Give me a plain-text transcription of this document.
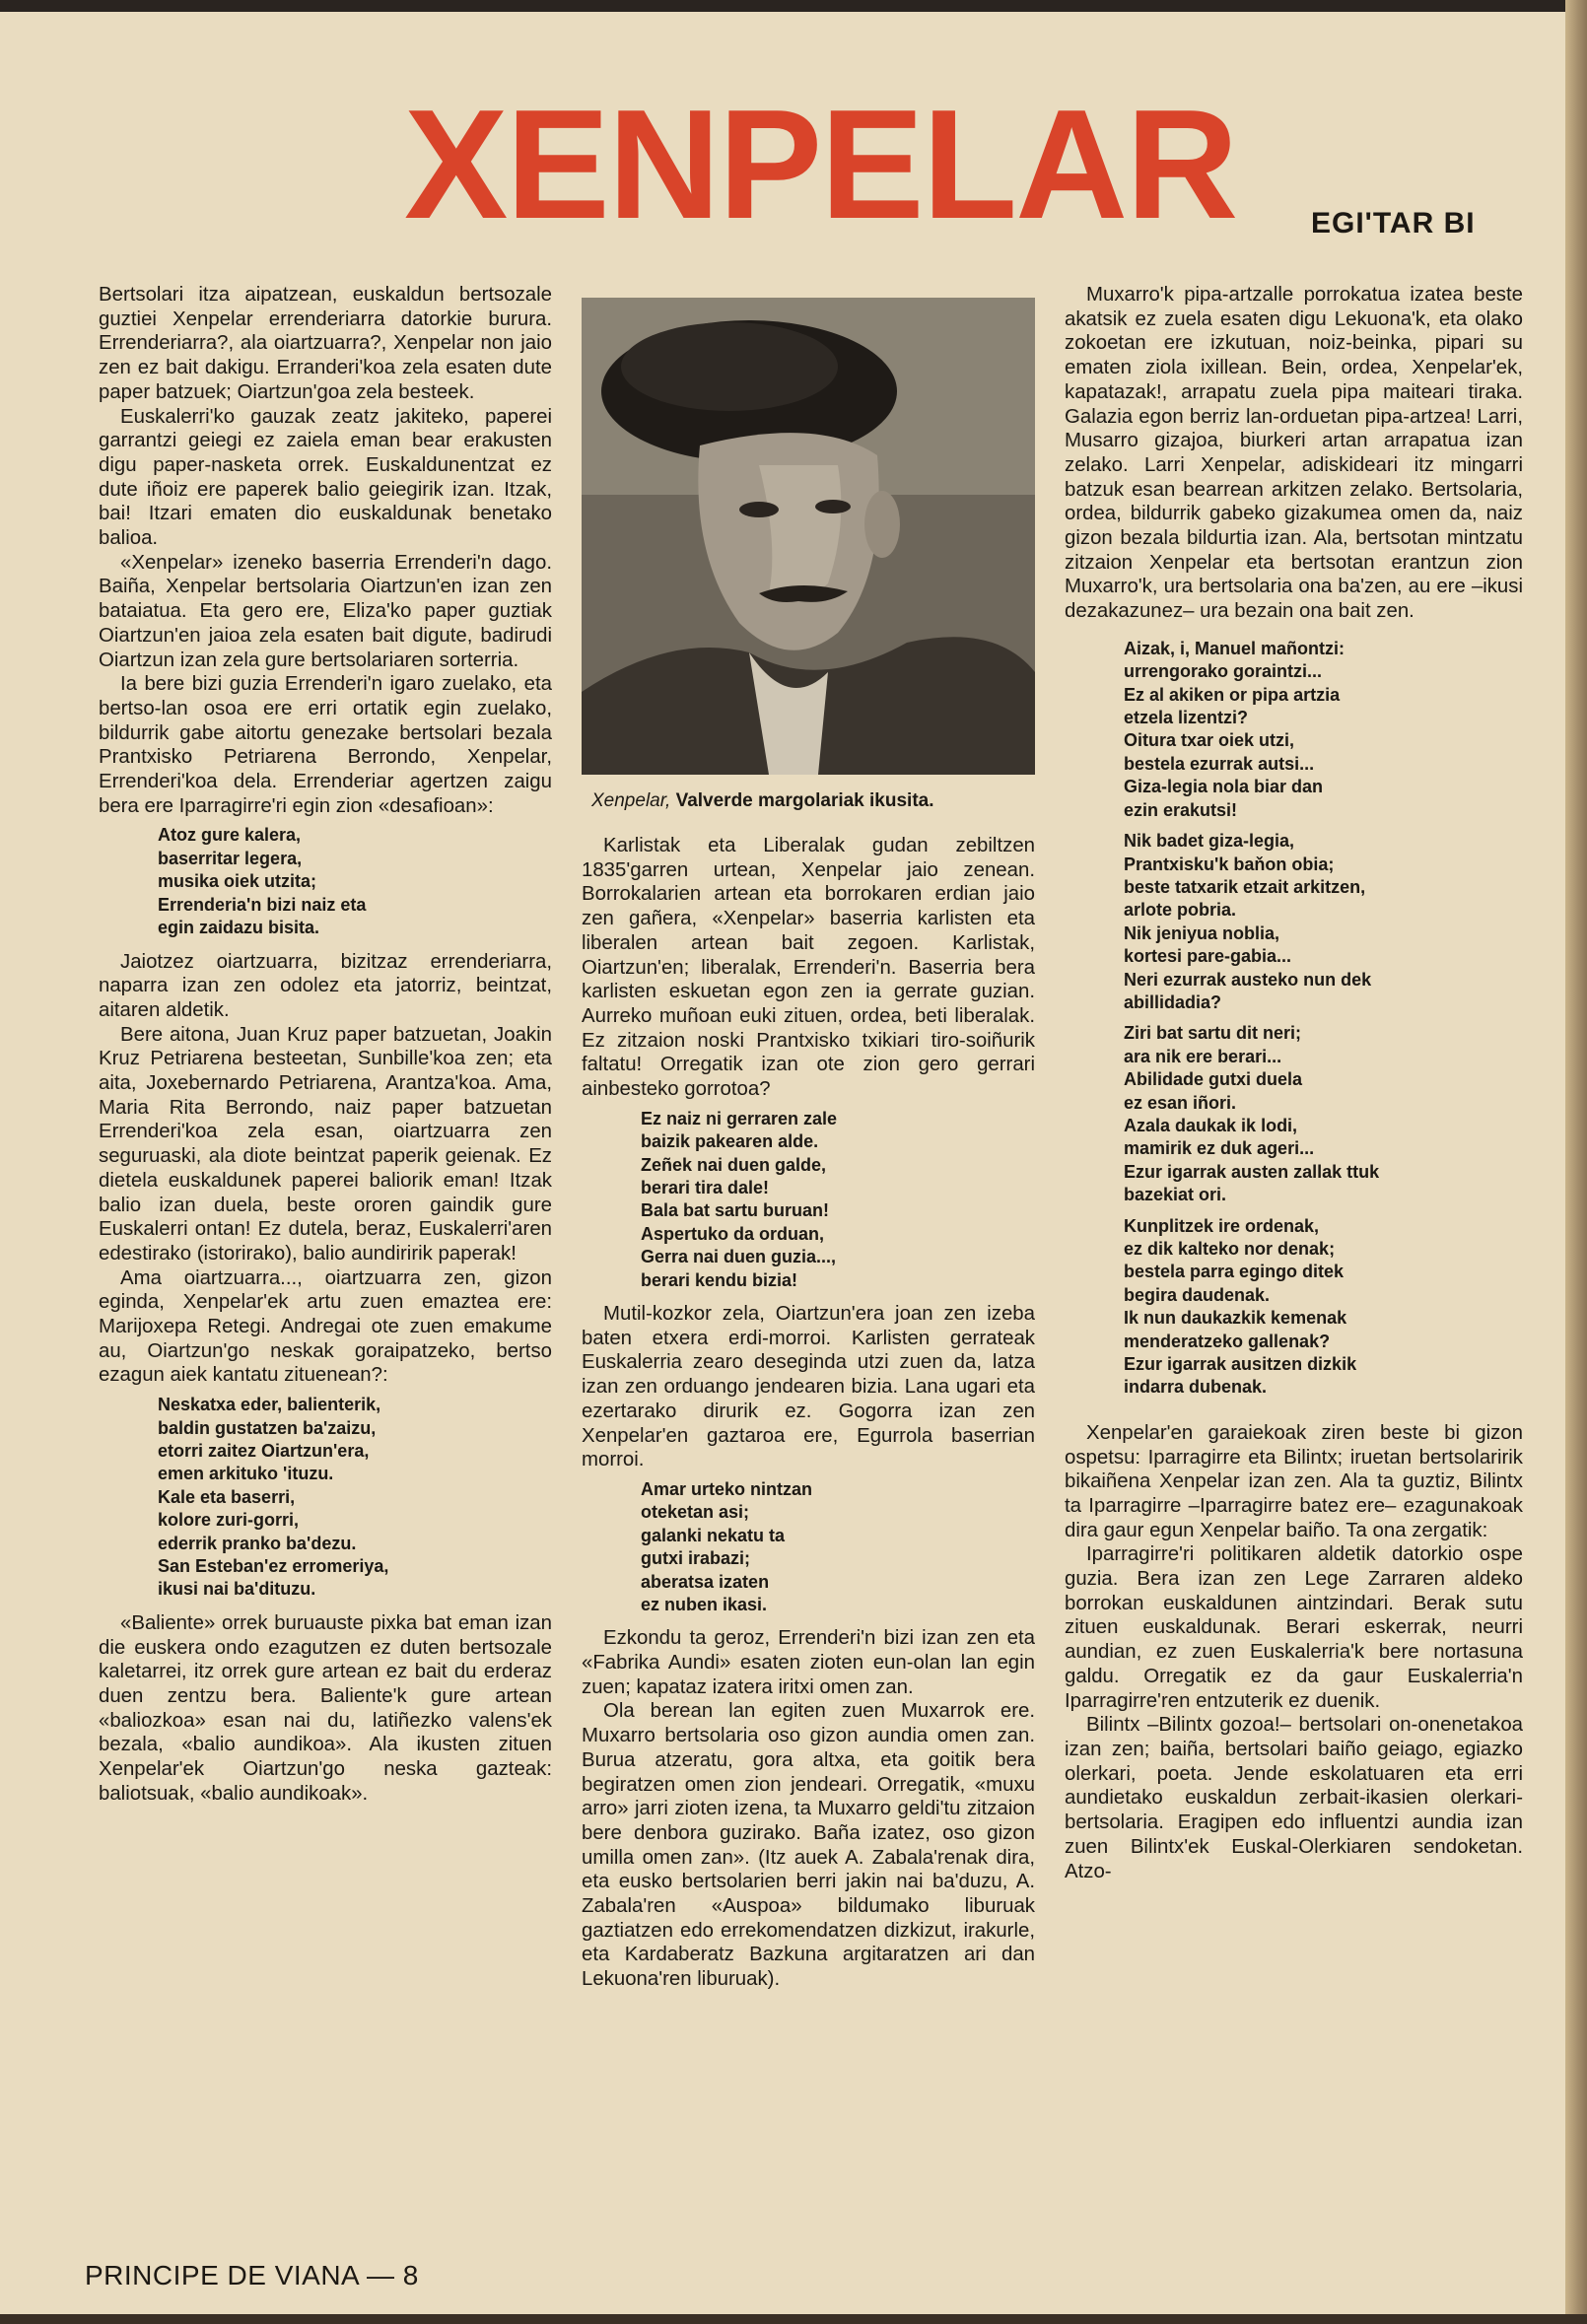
XENPELAR	EGI'TAR BI

Bertsolari itza aipatzean, euskaldun bertsozale guztiei Xenpelar errenderiarra datorkie burura. Errenderiarra?, ala oiartzuarra?, Xenpelar non jaio zen ez bait dakigu. Erranderi'koa zela esaten dute paper batzuek; Oiartzun'goa zela besteek.

Euskalerri'ko gauzak zeatz jakiteko, paperei garrantzi geiegi ez zaiela eman bear erakusten digu paper-nasketa orrek. Euskaldunentzat ez dute iñoiz ere paperek balio geiegirik izan. Itzak, bai! Itzari ematen dio euskaldunak benetako balioa.

«Xenpelar» izeneko baserria Errenderi'n dago. Baiña, Xenpelar bertsolaria Oiartzun'en izan zen bataiatua. Eta gero ere, Eliza'ko paper guztiak Oiartzun'en jaioa zela esaten bait digute, badirudi Oiartzun izan zela gure bertsolariaren sorterria.

Ia bere bizi guzia Errenderi'n igaro zuelako, eta bertso-lan osoa ere erri ortatik egin zuelako, bildurrik gabe aitortu genezake bertsolari bezala Prantxisko Petriarena Berrondo, Xenpelar, Errenderi'koa dela. Errenderiar agertzen zaigu bera ere Iparragirre'ri egin zion «desafioan»:

Atoz gure kalera,
baserritar legera,
musika oiek utzita;
Errenderia'n bizi naiz eta
egin zaidazu bisita.

Jaiotzez oiartzuarra, bizitzaz errenderiarra, naparra izan zen odolez eta jatorriz, beintzat, aitaren aldetik.

Bere aitona, Juan Kruz paper batzuetan, Joakin Kruz Petriarena besteetan, Sunbille'koa zen; eta aita, Joxebernardo Petriarena, Arantza'koa. Ama, Maria Rita Berrondo, naiz paper batzuetan Errenderi'koa zela esan, oiartzuarra zen seguruaski, ala diote beintzat paperik geienak. Ez dietela euskaldunek paperei baliorik eman! Itzak balio izan duela, beste ororen gaindik gure Euskalerri ontan! Ez dutela, beraz, Euskalerri'aren edestirako (istorirako), balio aundiririk paperak!

Ama oiartzuarra..., oiartzuarra zen, gizon eginda, Xenpelar'ek artu zuen emaztea ere: Marijoxepa Retegi. Andregai ote zuen emakume au, Oiartzun'go neskak goraipatzeko, bertso ezagun aiek kantatu zituenean?:

Neskatxa eder, balienterik,
baldin gustatzen ba'zaizu,
etorri zaitez Oiartzun'era,
emen arkituko 'ituzu.
Kale eta baserri,
kolore zuri-gorri,
ederrik pranko ba'dezu.
San Esteban'ez erromeriya,
ikusi nai ba'dituzu.

«Baliente» orrek buruauste pixka bat eman izan die euskera ondo ezagutzen ez duten bertsozale kaletarrei, itz orrek gure artean ez bait du erderaz duen zentzu bera. Baliente'k gure artean «baliozkoa» esan nai du, latiñezko valens'ek bezala, «balio aundikoa». Ala ikusten zituen Xenpelar'ek Oiartzun'go neska gazteak: baliotsuak, «balio aundikoak».

Xenpelar, Valverde margolariak ikusita.

Karlistak eta Liberalak gudan zebiltzen 1835'garren urtean, Xenpelar jaio zenean. Borrokalarien artean eta borrokaren erdian jaio zen gañera, «Xenpelar» baserria karlisten eta liberalen artean bait zegoen. Karlistak, Oiartzun'en; liberalak, Errenderi'n. Baserria bera karlisten eskuetan egon zen ia gerrate guzian. Aurreko muñoan euki zituen, ordea, beti liberalak. Ez zitzaion noski Prantxisko txikiari tiro-soiñurik faltatu! Orregatik izan ote zion gero gerrari ainbesteko gorrotoa?

Ez naiz ni gerraren zale
baizik pakearen alde.
Zeñek nai duen galde,
berari tira dale!
Bala bat sartu buruan!
Aspertuko da orduan,
Gerra nai duen guzia...,
berari kendu bizia!

Mutil-kozkor zela, Oiartzun'era joan zen izeba baten etxera erdi-morroi. Karlisten gerrateak Euskalerria zearo deseginda utzi zuen da, latza izan zen orduango jendearen bizia. Lana ugari eta ezertarako dirurik ez. Gogorra izan zen Xenpelar'en gaztaroa ere, Egurrola baserrian morroi.

Amar urteko nintzan
oteketan asi;
galanki nekatu ta
gutxi irabazi;
aberatsa izaten
ez nuben ikasi.

Ezkondu ta geroz, Errenderi'n bizi izan zen eta «Fabrika Aundi» esaten zioten eun-olan lan egin zuen; kapataz izatera iritxi omen zan.

Ola berean lan egiten zuen Muxarrok ere. Muxarro bertsolaria oso gizon aundia omen zan. Burua atzeratu, gora altxa, eta goitik bera begiratzen omen zion jendeari. Orregatik, «muxu arro» jarri zioten izena, ta Muxarro geldi'tu zitzaion bere denbora guzirako. Baña izatez, oso gizon umilla omen zan». (Itz auek A. Zabala'renak dira, eta eusko bertsolarien berri jakin nai ba'duzu, A. Zabala'ren «Auspoa» bildumako liburuak gaztiatzen edo errekomendatzen dizkizut, irakurle, eta Kardaberatz Bazkuna argitaratzen ari dan Lekuona'ren liburuak).

Muxarro'k pipa-artzalle porrokatua izatea beste akatsik ez zuela esaten digu Lekuona'k, eta olako zokoetan ere izkutuan, noiz-beinka, pipari su ematen ziola ixillean. Bein, ordea, Xenpelar'ek, kapatazak!, arrapatu zuela pipa maiteari tiraka. Galazia egon berriz lan-orduetan pipa-artzea! Larri, Musarro gizajoa, biurkeri artan arrapatua izan zelako. Larri Xenpelar, adiskideari itz mingarri batzuk esan bearrean arkitzen zelako. Bertsolaria, ordea, bildurrik gabeko gizakumea omen da, naiz gizon bezala bildurtia izan. Ala, bertsotan mintzatu zitzaion Xenpelar eta bertsotan erantzun zion Muxarro'k, ura bertsolaria ona ba'zen, au ere –ikusi dezakazunez– ura bezain ona bait zen.

Aizak, i, Manuel mañontzi:
urrengorako goraintzi...
Ez al akiken or pipa artzia
etzela lizentzi?
Oitura txar oiek utzi,
bestela ezurrak autsi...
Giza-legia nola biar dan
ezin erakutsi!
Nik badet giza-legia,
Prantxisku'k baňon obia;
beste tatxarik etzait arkitzen,
arlote pobria.
Nik jeniyua noblia,
kortesi pare-gabia...
Neri ezurrak austeko nun dek
abillidadia?
Ziri bat sartu dit neri;
ara nik ere berari...
Abilidade gutxi duela
ez esan iñori.
Azala daukak ik lodi,
mamirik ez duk ageri...
Ezur igarrak austen zallak ttuk
bazekiat ori.
Kunplitzek ire ordenak,
ez dik kalteko nor denak;
bestela parra egingo ditek
begira daudenak.
Ik nun daukazkik kemenak
menderatzeko gallenak?
Ezur igarrak ausitzen dizkik
indarra dubenak.

Xenpelar'en garaiekoak ziren beste bi gizon ospetsu: Iparragirre eta Bilintx; iruetan bertsolaririk bikaiñena Xenpelar izan zen. Ala ta guztiz, Bilintx ta Iparragirre –Iparragirre batez ere– ezagunakoak dira gaur egun Xenpelar baiño. Ta ona zergatik:

Iparragirre'ri politikaren aldetik datorkio ospe guzia. Bera izan zen Lege Zarraren aldeko borrokan euskaldunen aintzindari. Berak sutu zituen euskaldunak. Berari eskerrak, neurri aundian, ez zuen Euskalerria'k bere nortasuna galdu. Orregatik ez da gaur Euskalerria'n Iparragirre'ren entzuterik ez duenik.

Bilintx –Bilintx gozoa!– bertsolari on-onenetakoa izan zen; baiña, bertsolari baiño geiago, egiazko olerkari, poeta. Jende eskolatuaren eta erri aundietako euskaldun zerbait-ikasien olerkari-bertsolaria. Eragipen edo influentzi aundia izan zuen Bilintx'ek Euskal-Olerkiaren sendoketan. Atzo-

PRINCIPE DE VIANA — 8
